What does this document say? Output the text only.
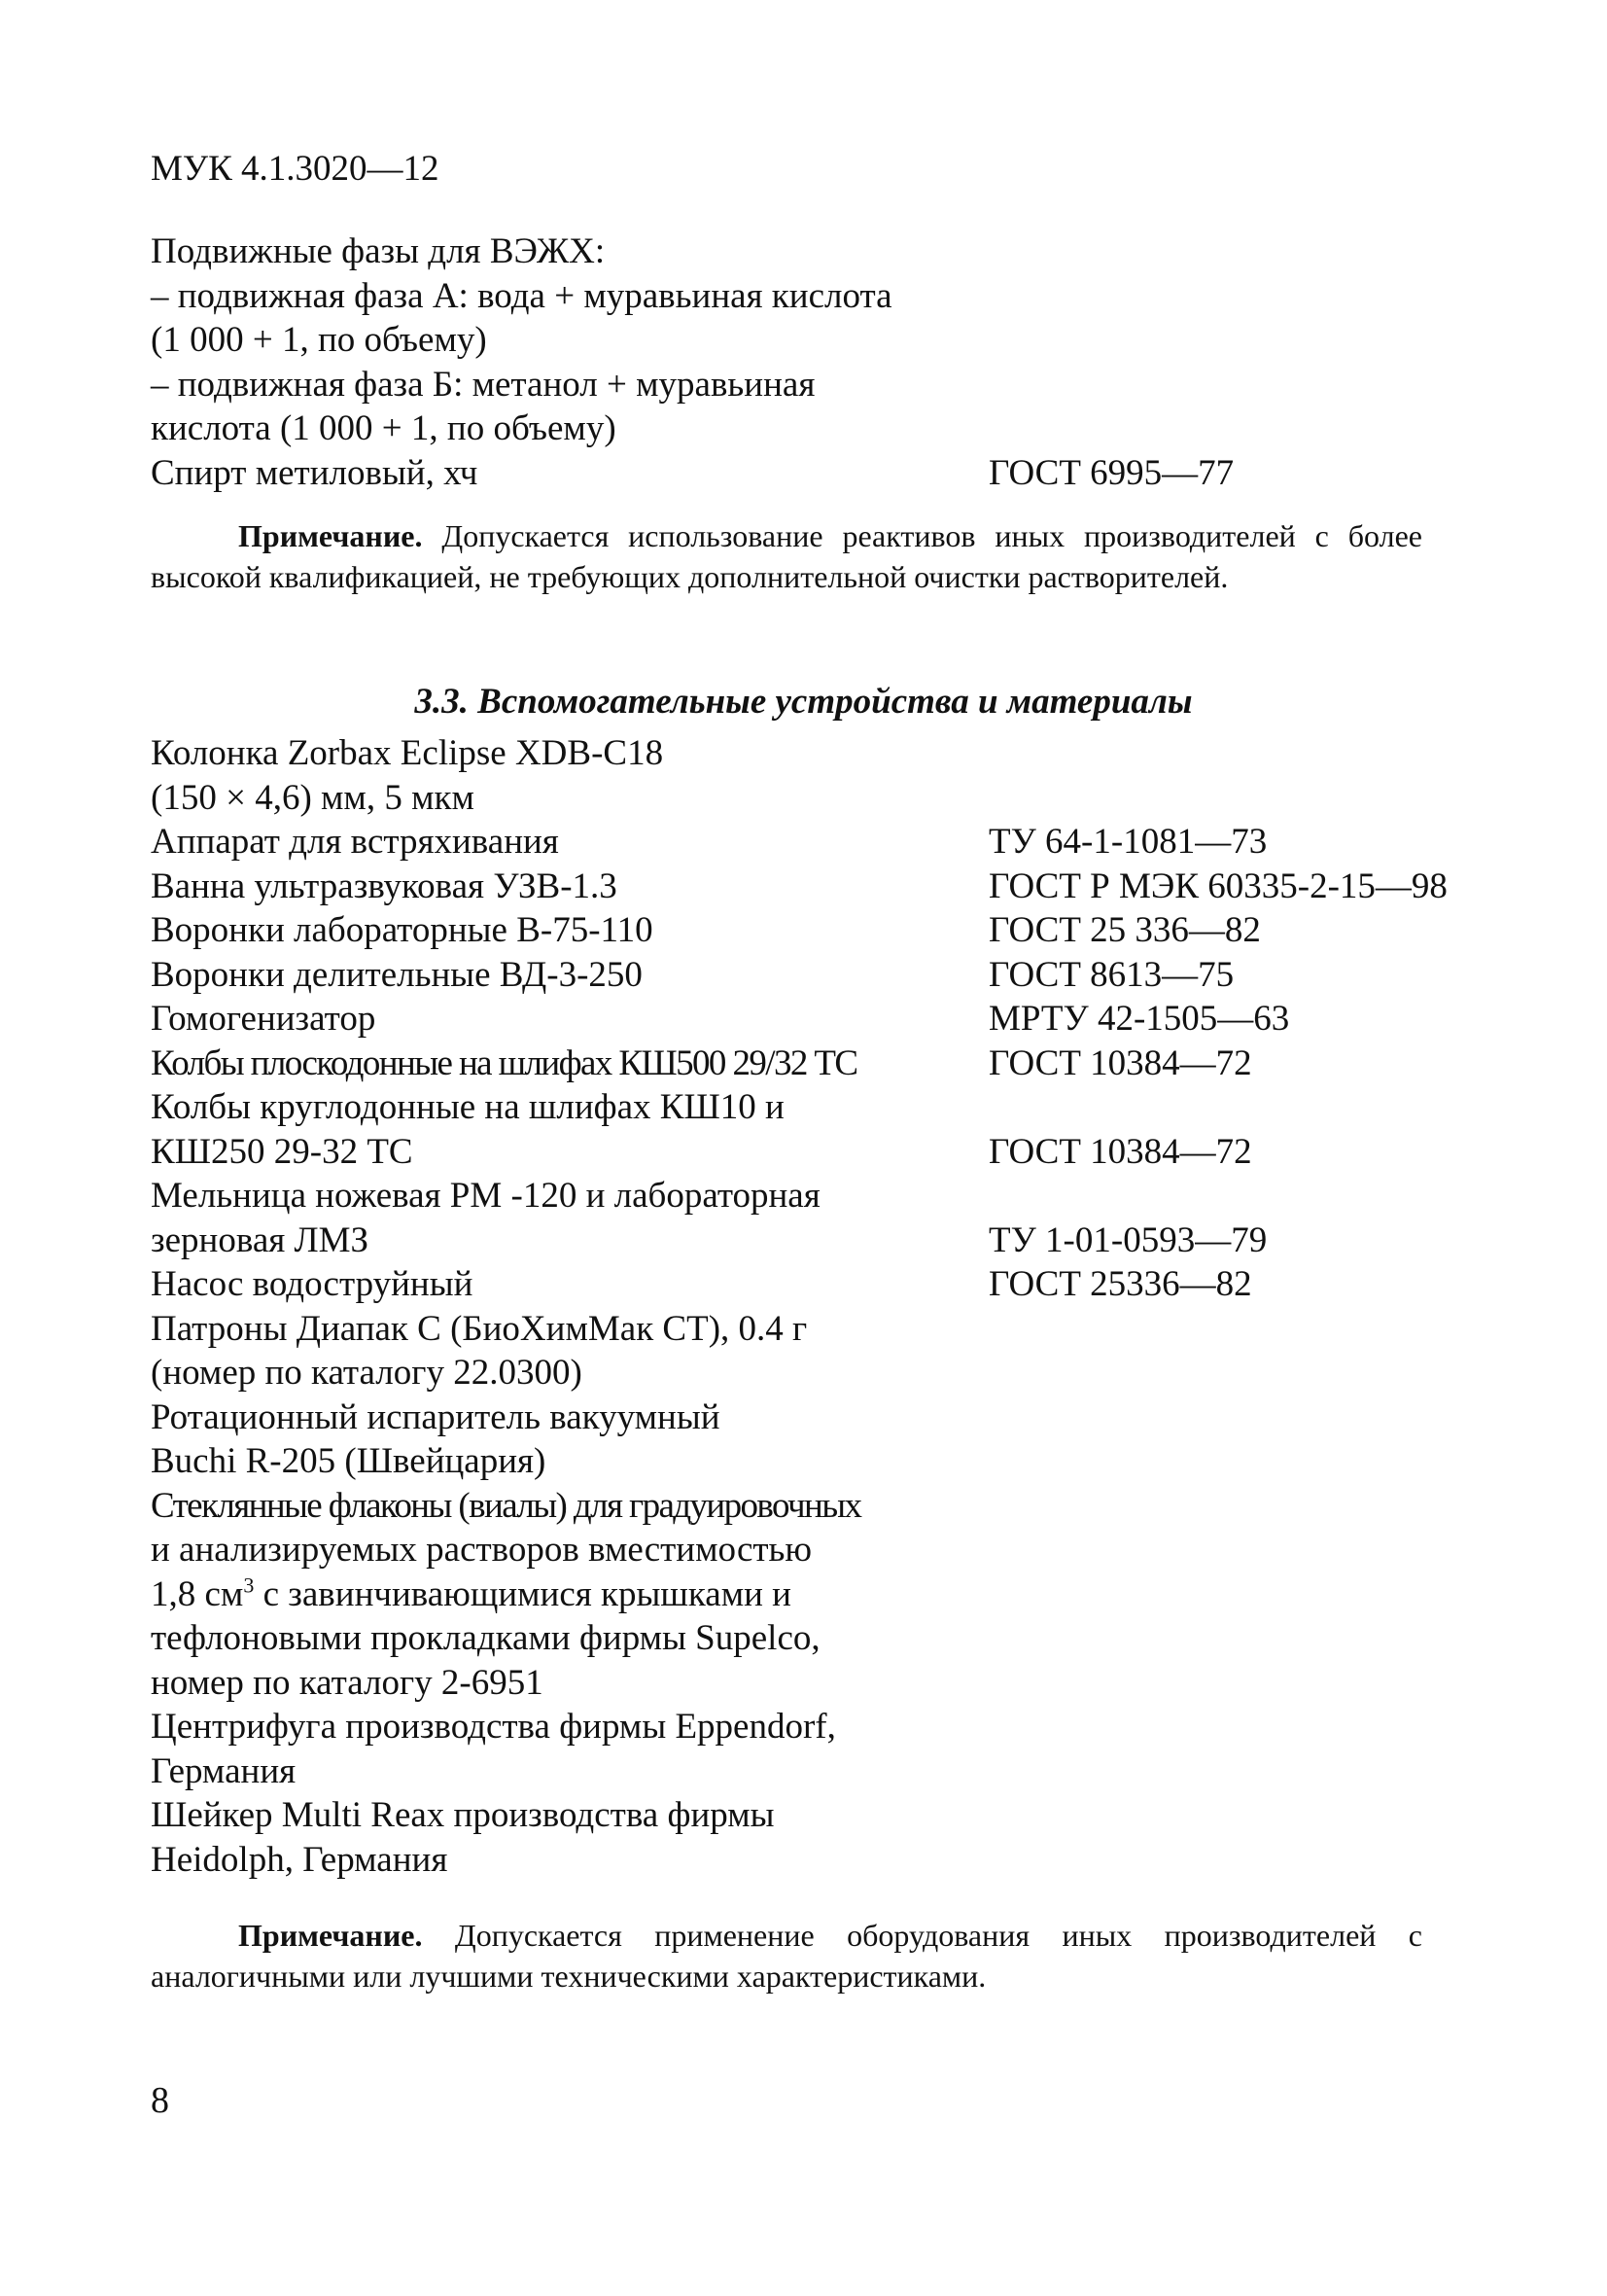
МУК 4.1.3020—12
Подвижные фазы для ВЭЖХ:
– подвижная фаза А: вода + муравьиная кислота
(1 000 + 1, по объему)
– подвижная фаза Б: метанол + муравьиная
кислота (1 000 + 1, по объему)
Спирт метиловый, хч	ГОСТ 6995—77
Примечание. Допускается использование реактивов иных производителей с более высокой квалификацией, не требующих дополнительной очистки растворителей.
3.3. Вспомогательные устройства и материалы
Колонка Zorbax Eclipse XDB-C18
(150 × 4,6) мм, 5 мкм
Аппарат для встряхивания	ТУ 64-1-1081—73
Ванна ультразвуковая УЗВ-1.3	ГОСТ Р МЭК 60335-2-15—98
Воронки лабораторные В-75-110	ГОСТ 25 336—82
Воронки делительные ВД-3-250	ГОСТ 8613—75
Гомогенизатор	МРТУ 42-1505—63
Колбы плоскодонные на шлифах КШ500 29/32 ТС	ГОСТ 10384—72
Колбы круглодонные на шлифах КШ10 и
КШ250 29-32 ТС	ГОСТ 10384—72
Мельница ножевая РМ -120 и лабораторная
зерновая ЛМЗ	ТУ 1-01-0593—79
Насос водоструйный	ГОСТ 25336—82
Патроны Диапак С (БиоХимМак СТ), 0.4 г
(номер по каталогу 22.0300)
Ротационный испаритель вакуумный
Buchi R-205 (Швейцария)
Стеклянные флаконы (виалы) для градуировочных
и анализируемых растворов вместимостью
1,8 $см^3$ с завинчивающимися крышками и
тефлоновыми прокладками фирмы Supelco,
номер по каталогу 2-6951
Центрифуга производства фирмы Eppendorf,
Германия
Шейкер Multi Reax производства фирмы
Heidolph, Германия
Примечание. Допускается применение оборудования иных производителей с аналогичными или лучшими техническими характеристиками.
8
